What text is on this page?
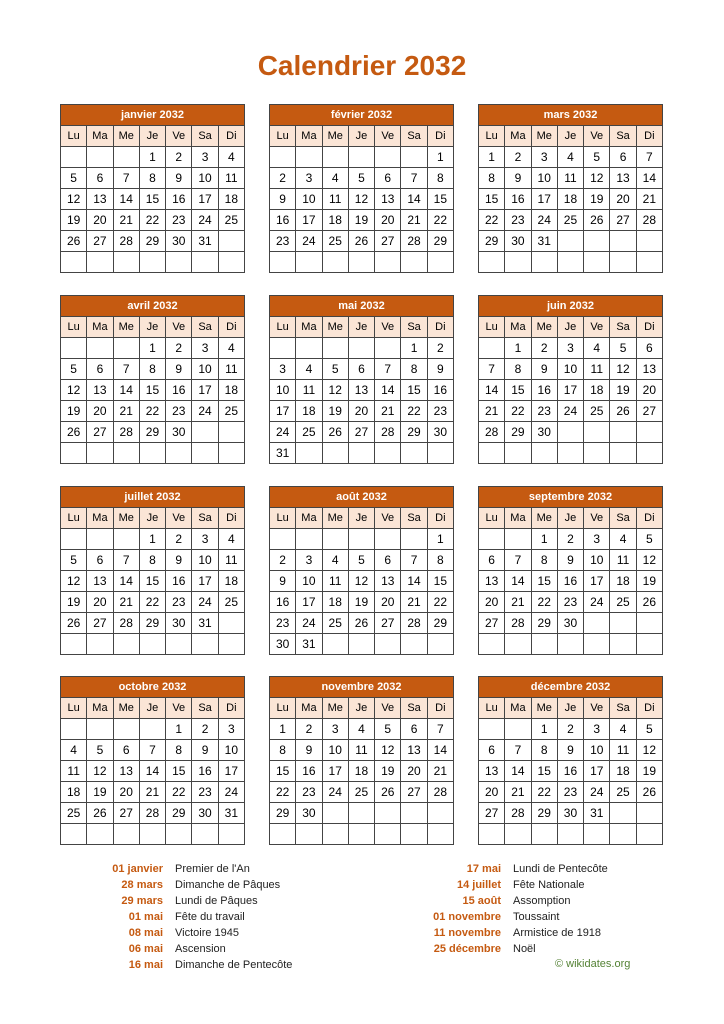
Calendrier 2032
janvier 2032						
Lu	Ma	Me	Je	Ve	Sa	Di
			1	2	3	4
5	6	7	8	9	10	11
12	13	14	15	16	17	18
19	20	21	22	23	24	25
26	27	28	29	30	31	

février 2032						
Lu	Ma	Me	Je	Ve	Sa	Di
						1
2	3	4	5	6	7	8
9	10	11	12	13	14	15
16	17	18	19	20	21	22
23	24	25	26	27	28	29

mars 2032						
Lu	Ma	Me	Je	Ve	Sa	Di
1	2	3	4	5	6	7
8	9	10	11	12	13	14
15	16	17	18	19	20	21
22	23	24	25	26	27	28
29	30	31				

avril 2032						
Lu	Ma	Me	Je	Ve	Sa	Di
			1	2	3	4
5	6	7	8	9	10	11
12	13	14	15	16	17	18
19	20	21	22	23	24	25
26	27	28	29	30		

mai 2032						
Lu	Ma	Me	Je	Ve	Sa	Di
					1	2
3	4	5	6	7	8	9
10	11	12	13	14	15	16
17	18	19	20	21	22	23
24	25	26	27	28	29	30
31						
juin 2032						
Lu	Ma	Me	Je	Ve	Sa	Di
	1	2	3	4	5	6
7	8	9	10	11	12	13
14	15	16	17	18	19	20
21	22	23	24	25	26	27
28	29	30				

juillet 2032						
Lu	Ma	Me	Je	Ve	Sa	Di
			1	2	3	4
5	6	7	8	9	10	11
12	13	14	15	16	17	18
19	20	21	22	23	24	25
26	27	28	29	30	31	

août 2032						
Lu	Ma	Me	Je	Ve	Sa	Di
						1
2	3	4	5	6	7	8
9	10	11	12	13	14	15
16	17	18	19	20	21	22
23	24	25	26	27	28	29
30	31					
septembre 2032						
Lu	Ma	Me	Je	Ve	Sa	Di
		1	2	3	4	5
6	7	8	9	10	11	12
13	14	15	16	17	18	19
20	21	22	23	24	25	26
27	28	29	30			

octobre 2032						
Lu	Ma	Me	Je	Ve	Sa	Di
				1	2	3
4	5	6	7	8	9	10
11	12	13	14	15	16	17
18	19	20	21	22	23	24
25	26	27	28	29	30	31

novembre 2032						
Lu	Ma	Me	Je	Ve	Sa	Di
1	2	3	4	5	6	7
8	9	10	11	12	13	14
15	16	17	18	19	20	21
22	23	24	25	26	27	28
29	30					

décembre 2032						
Lu	Ma	Me	Je	Ve	Sa	Di
		1	2	3	4	5
6	7	8	9	10	11	12
13	14	15	16	17	18	19
20	21	22	23	24	25	26
27	28	29	30	31		

01 janvier	Premier de l'An
28 mars	Dimanche de Pâques
29 mars	Lundi de Pâques
01 mai	Fête du travail
08 mai	Victoire 1945
06 mai	Ascension
16 mai	Dimanche de Pentecôte
17 mai	Lundi de Pentecôte
14 juillet	Fête Nationale
15 août	Assomption
01 novembre	Toussaint
11 novembre	Armistice de 1918
25 décembre	Noël
© wikidates.org
